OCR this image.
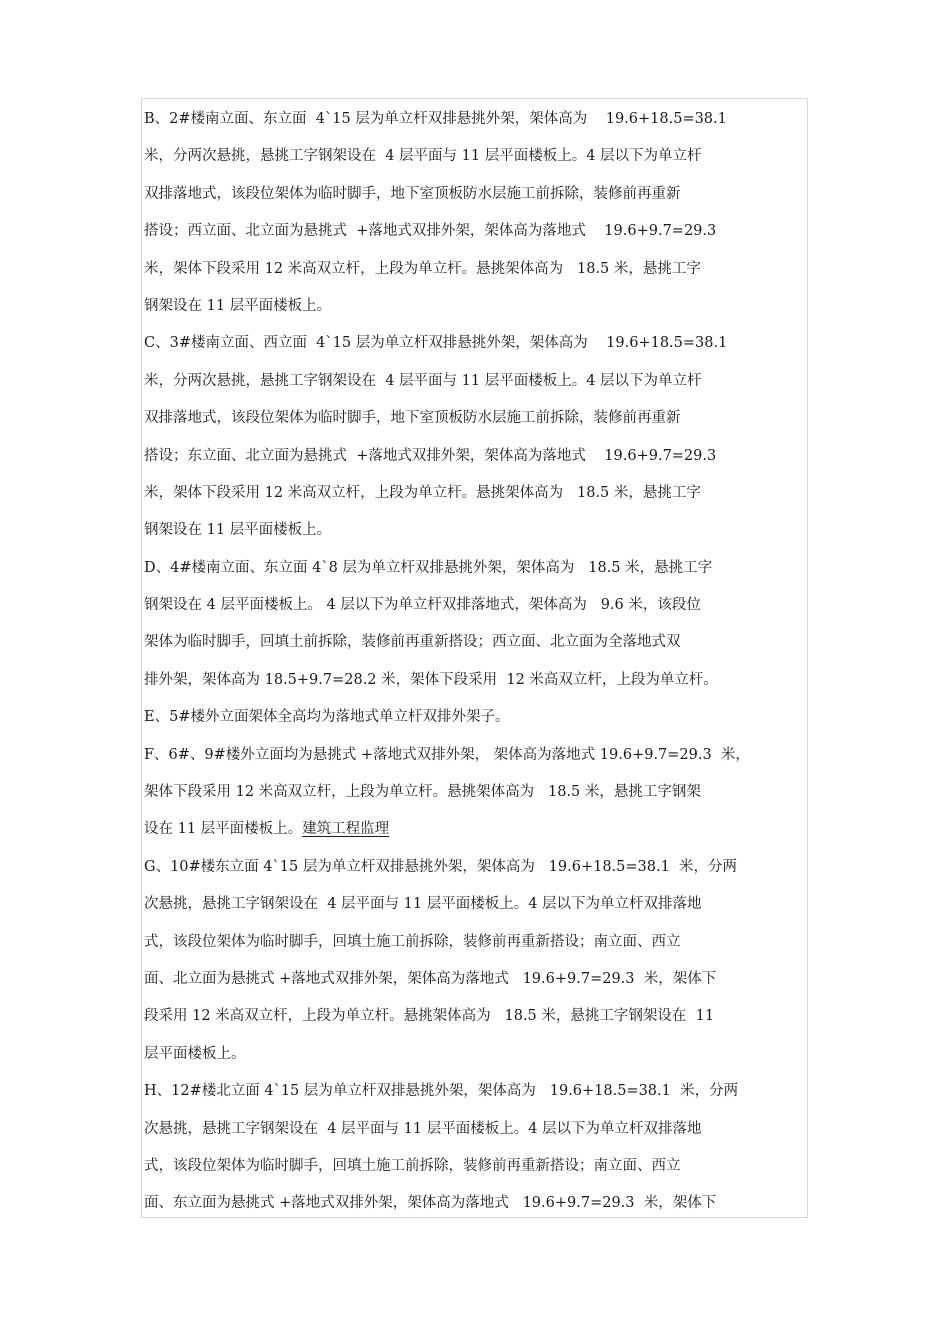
B、2#楼南立面、东立面  4`15 层为单立杆双排悬挑外架，架体高为    19.6+18.5=38.1
米，分两次悬挑，悬挑工字钢架设在  4 层平面与 11 层平面楼板上。4 层以下为单立杆
双排落地式，该段位架体为临时脚手，地下室顶板防水层施工前拆除，装修前再重新
搭设；西立面、北立面为悬挑式  +落地式双排外架，架体高为落地式    19.6+9.7=29.3
米，架体下段采用 12 米高双立杆，上段为单立杆。悬挑架体高为   18.5 米，悬挑工字
钢架设在 11 层平面楼板上。
C、3#楼南立面、西立面  4`15 层为单立杆双排悬挑外架，架体高为    19.6+18.5=38.1
米，分两次悬挑，悬挑工字钢架设在  4 层平面与 11 层平面楼板上。4 层以下为单立杆
双排落地式，该段位架体为临时脚手，地下室顶板防水层施工前拆除，装修前再重新
搭设；东立面、北立面为悬挑式  +落地式双排外架，架体高为落地式    19.6+9.7=29.3
米，架体下段采用 12 米高双立杆，上段为单立杆。悬挑架体高为   18.5 米，悬挑工字
钢架设在 11 层平面楼板上。
D、4#楼南立面、东立面 4`8 层为单立杆双排悬挑外架，架体高为   18.5 米，悬挑工字
钢架设在 4 层平面楼板上。 4 层以下为单立杆双排落地式，架体高为   9.6 米，该段位
架体为临时脚手，回填土前拆除，装修前再重新搭设；西立面、北立面为全落地式双
排外架，架体高为 18.5+9.7=28.2 米，架体下段采用  12 米高双立杆，上段为单立杆。
E、5#楼外立面架体全高均为落地式单立杆双排外架子。
F、6#、9#楼外立面均为悬挑式 +落地式双排外架， 架体高为落地式 19.6+9.7=29.3  米，
架体下段采用 12 米高双立杆，上段为单立杆。悬挑架体高为   18.5 米，悬挑工字钢架
设在 11 层平面楼板上。建筑工程监理
G、10#楼东立面 4`15 层为单立杆双排悬挑外架，架体高为   19.6+18.5=38.1  米，分两
次悬挑，悬挑工字钢架设在  4 层平面与 11 层平面楼板上。4 层以下为单立杆双排落地
式，该段位架体为临时脚手，回填土施工前拆除，装修前再重新搭设；南立面、西立
面、北立面为悬挑式 +落地式双排外架，架体高为落地式   19.6+9.7=29.3  米，架体下
段采用 12 米高双立杆，上段为单立杆。悬挑架体高为   18.5 米，悬挑工字钢架设在  11
层平面楼板上。
H、12#楼北立面 4`15 层为单立杆双排悬挑外架，架体高为   19.6+18.5=38.1  米，分两
次悬挑，悬挑工字钢架设在  4 层平面与 11 层平面楼板上。4 层以下为单立杆双排落地
式，该段位架体为临时脚手，回填土施工前拆除，装修前再重新搭设；南立面、西立
面、东立面为悬挑式 +落地式双排外架，架体高为落地式   19.6+9.7=29.3  米，架体下
